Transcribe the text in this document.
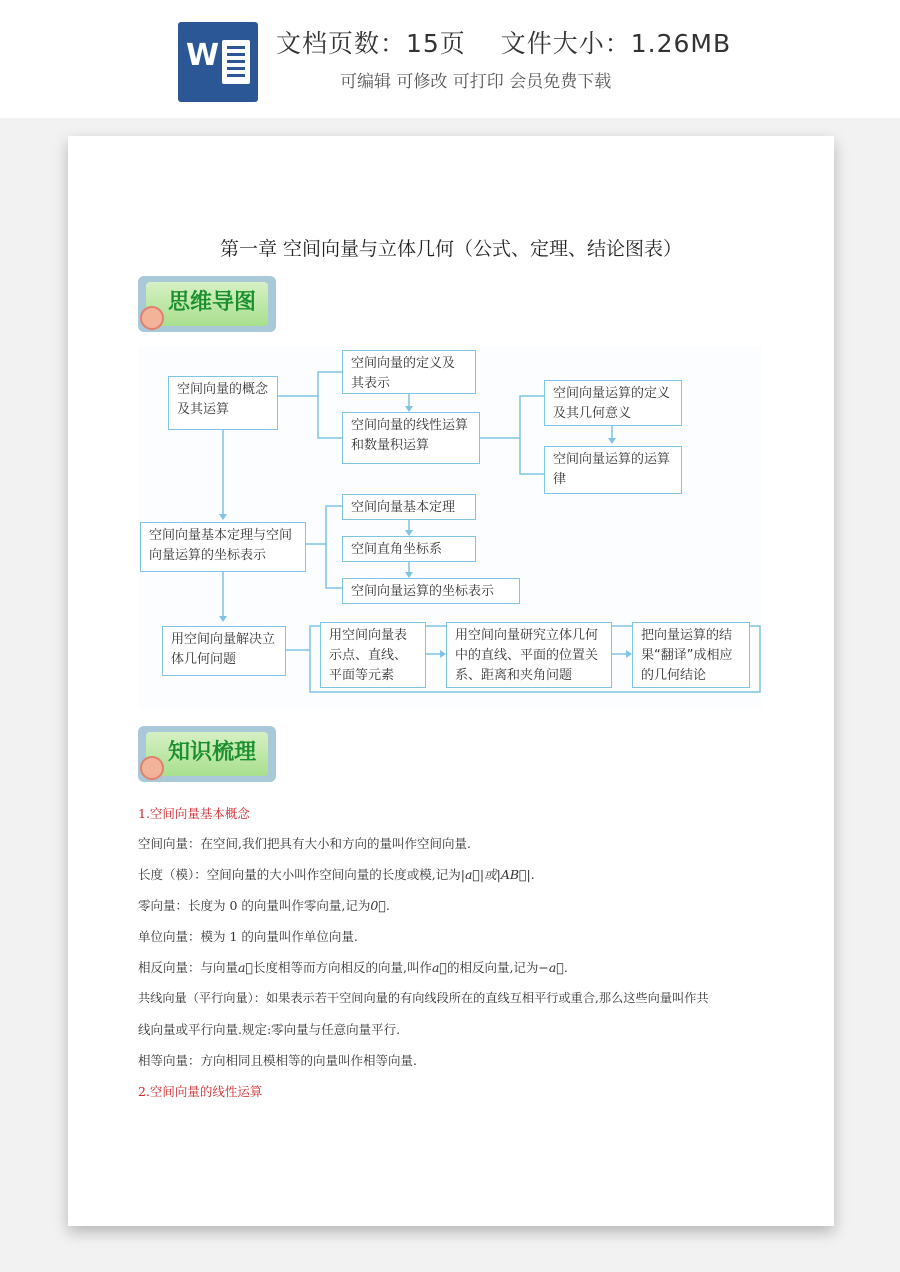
W 文档页数：15页　 文件大小：1.26MB
可编辑 可修改 可打印 会员免费下载
第一章 空间向量与立体几何（公式、定理、结论图表）
思维导图
空间向量的概念及其运算
空间向量的定义及其表示
空间向量的线性运算和数量积运算
空间向量运算的定义及其几何意义
空间向量运算的运算律
空间向量基本定理与空间向量运算的坐标表示
空间向量基本定理
空间直角坐标系
空间向量运算的坐标表示
用空间向量解决立体几何问题
用空间向量表示点、直线、平面等元素
用空间向量研究立体几何中的直线、平面的位置关系、距离和夹角问题
把向量运算的结果“翻译”成相应的几何结论
知识梳理
1.空间向量基本概念
空间向量：在空间,我们把具有大小和方向的量叫作空间向量.
长度（模）：空间向量的大小叫作空间向量的长度或模,记为|a⃗|或|AB⃗|.
零向量：长度为 0 的向量叫作零向量,记为0⃗.
单位向量：模为 1 的向量叫作单位向量.
相反向量：与向量a⃗长度相等而方向相反的向量,叫作a⃗的相反向量,记为−a⃗.
共线向量（平行向量）：如果表示若干空间向量的有向线段所在的直线互相平行或重合,那么这些向量叫作共
线向量或平行向量.规定:零向量与任意向量平行.
相等向量：方向相同且模相等的向量叫作相等向量.
2.空间向量的线性运算
